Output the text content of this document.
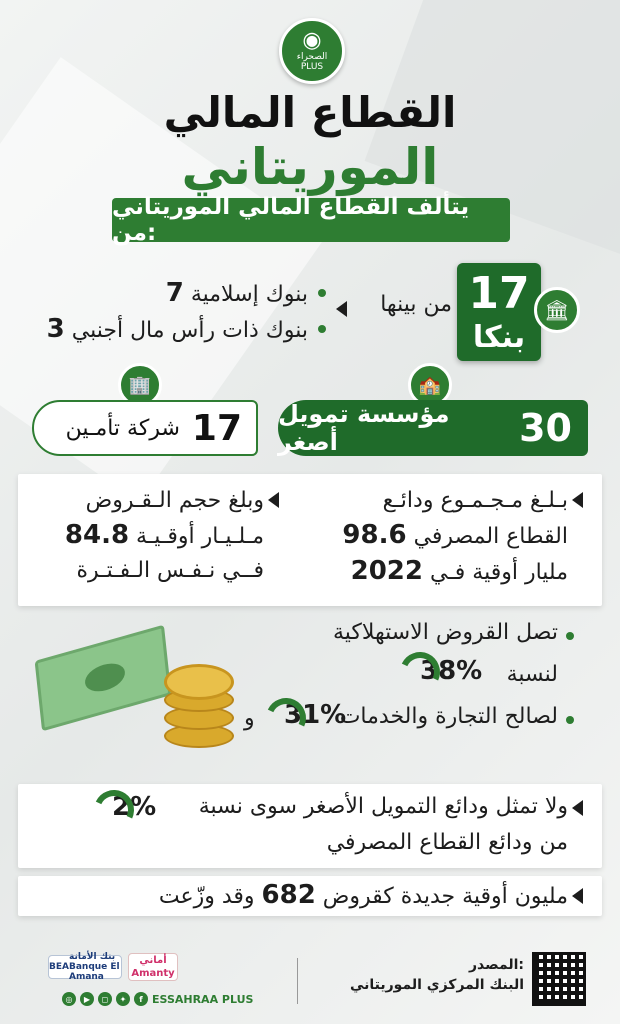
◉
الصحراء
PLUS
القطاع المالي
الموريتاني
يتألف القطاع المالي الموريتاني من:
17
بنكا
🏛
من بينها
7 بنوك إسلامية
3 بنوك ذات رأس مال أجنبي
🏫
🏢
مؤسسة تمويل أصغر	30
شركة تأمـين 17
بـلـغ مـجـمـوع ودائـع
القطاع المصرفي 98.6
مليار أوقية فـي 2022
وبلغ حجم الـقـروض
مـلـيـار أوقـيـة 84.8
فــي نـفـس الـفـتـرة
تصل القروض الاستهلاكية
لنسبة
38%
لصالح التجارة والخدمات
31%
و
ولا تمثل ودائع التمويل الأصغر سوى نسبة
2%
من ودائع القطاع المصرفي
مليون أوقية جديدة كقروض 682 وقد وزّعت
BEA
بنك الأمانة
Banque El Amana
أماني
Amanty
◎	▶	◻	✦	f ESSAHRAA PLUS
المصدر:
البنك المركزي الموريتاني
